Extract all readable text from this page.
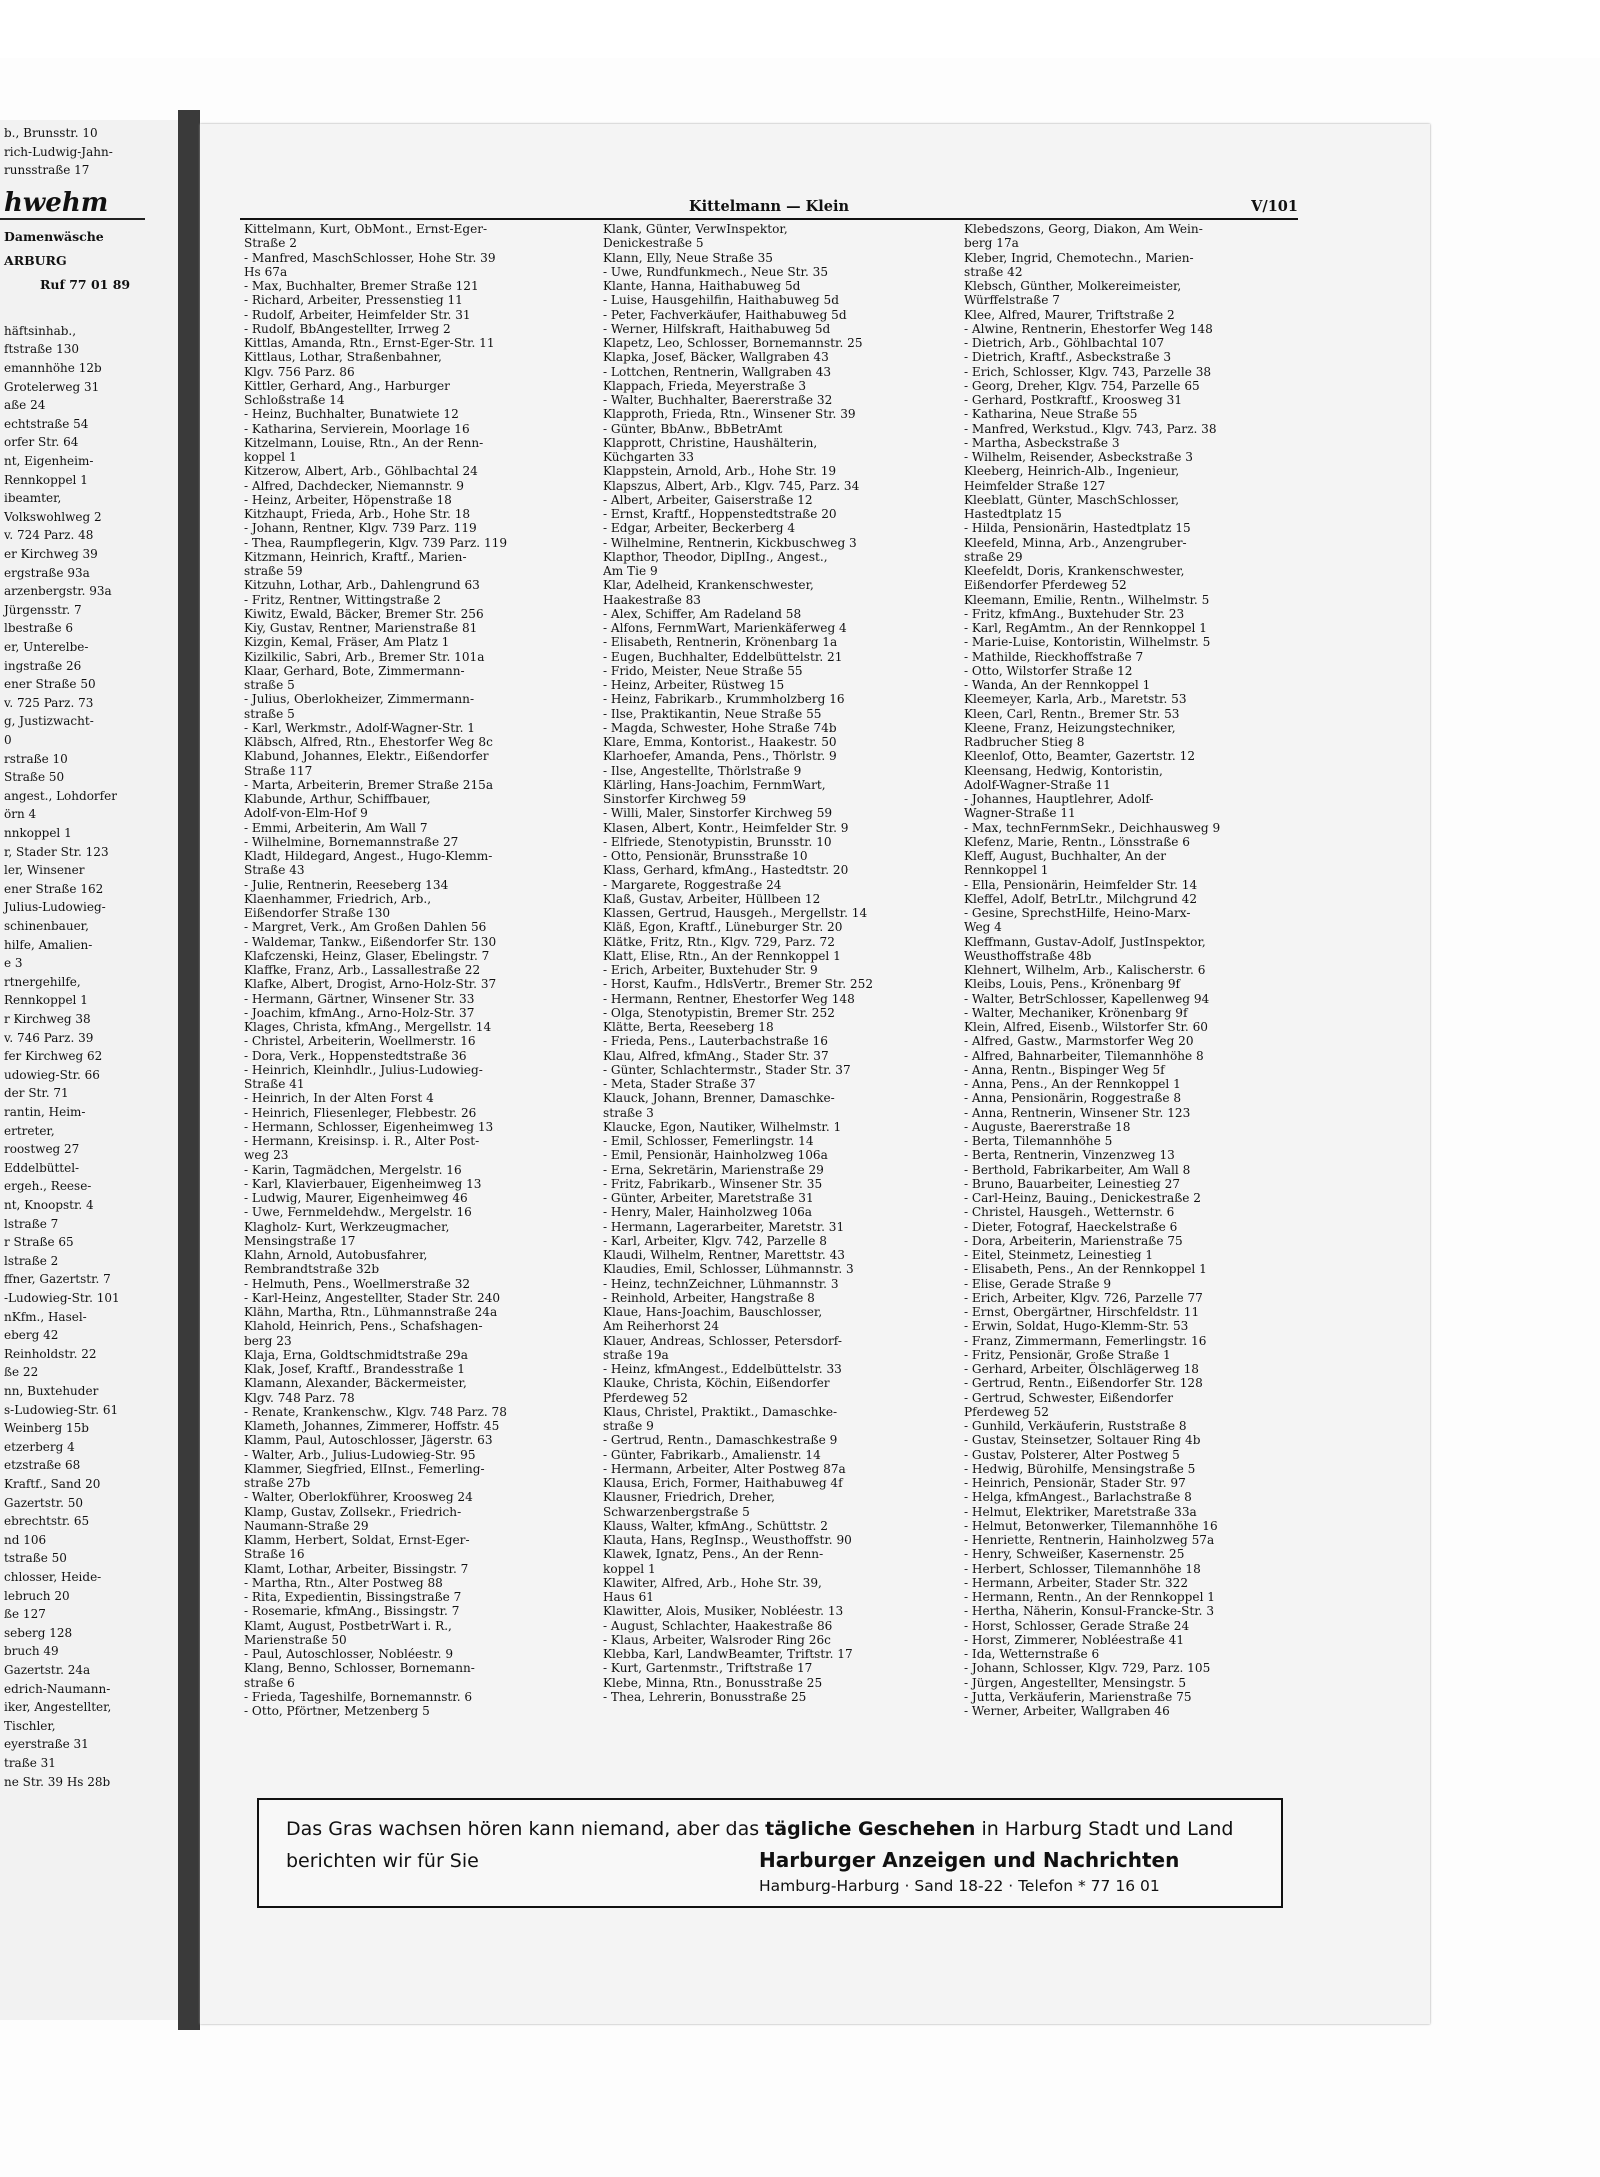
b., Brunsstr. 10
rich-Ludwig-Jahn-
runsstraße 17
hwehm
Damenwäsche
ARBURG
Ruf 77 01 89
häftsinhab.,
ftstraße 130
emannhöhe 12b
Grotelerweg 31
aße 24
echtstraße 54
orfer Str. 64
nt, Eigenheim-
Rennkoppel 1
ibeamter,
Volkswohlweg 2
v. 724 Parz. 48
er Kirchweg 39
ergstraße 93a
arzenbergstr. 93a
Jürgensstr. 7
lbestraße 6
er, Unterelbe-
ingstraße 26
ener Straße 50
v. 725 Parz. 73
g, Justizwacht-
0
rstraße 10
Straße 50
angest., Lohdorfer
örn 4
nnkoppel 1
r, Stader Str. 123
ler, Winsener
ener Straße 162
Julius-Ludowieg-
schinenbauer,
hilfe, Amalien-
e 3
rtnergehilfe,
Rennkoppel 1
r Kirchweg 38
v. 746 Parz. 39
fer Kirchweg 62
udowieg-Str. 66
der Str. 71
rantin, Heim-
ertreter,
roostweg 27
Eddelbüttel-
ergeh., Reese-
nt, Knoopstr. 4
lstraße 7
r Straße 65
lstraße 2
ffner, Gazertstr. 7
-Ludowieg-Str. 101
nKfm., Hasel-
eberg 42
Reinholdstr. 22
ße 22
nn, Buxtehuder
s-Ludowieg-Str. 61
Weinberg 15b
etzerberg 4
etzstraße 68
Kraftf., Sand 20
Gazertstr. 50
ebrechtstr. 65
nd 106
tstraße 50
chlosser, Heide-
lebruch 20
ße 127
seberg 128
bruch 49
Gazertstr. 24a
edrich-Naumann-
iker, Angestellter,
Tischler,
eyerstraße 31
traße 31
ne Str. 39 Hs 28b
Kittelmann — Klein	V/101
Kittelmann, Kurt, ObMont., Ernst-Eger-
Straße 2
- Manfred, MaschSchlosser, Hohe Str. 39
Hs 67a
- Max, Buchhalter, Bremer Straße 121
- Richard, Arbeiter, Pressenstieg 11
- Rudolf, Arbeiter, Heimfelder Str. 31
- Rudolf, BbAngestellter, Irrweg 2
Kittlas, Amanda, Rtn., Ernst-Eger-Str. 11
Kittlaus, Lothar, Straßenbahner,
Klgv. 756 Parz. 86
Kittler, Gerhard, Ang., Harburger
Schloßstraße 14
- Heinz, Buchhalter, Bunatwiete 12
- Katharina, Servierein, Moorlage 16
Kitzelmann, Louise, Rtn., An der Renn-
koppel 1
Kitzerow, Albert, Arb., Göhlbachtal 24
- Alfred, Dachdecker, Niemannstr. 9
- Heinz, Arbeiter, Höpenstraße 18
Kitzhaupt, Frieda, Arb., Hohe Str. 18
- Johann, Rentner, Klgv. 739 Parz. 119
- Thea, Raumpflegerin, Klgv. 739 Parz. 119
Kitzmann, Heinrich, Kraftf., Marien-
straße 59
Kitzuhn, Lothar, Arb., Dahlengrund 63
- Fritz, Rentner, Wittingstraße 2
Kiwitz, Ewald, Bäcker, Bremer Str. 256
Kiy, Gustav, Rentner, Marienstraße 81
Kizgin, Kemal, Fräser, Am Platz 1
Kizilkilic, Sabri, Arb., Bremer Str. 101a
Klaar, Gerhard, Bote, Zimmermann-
straße 5
- Julius, Oberlokheizer, Zimmermann-
straße 5
- Karl, Werkmstr., Adolf-Wagner-Str. 1
Kläbsch, Alfred, Rtn., Ehestorfer Weg 8c
Klabund, Johannes, Elektr., Eißendorfer
Straße 117
- Marta, Arbeiterin, Bremer Straße 215a
Klabunde, Arthur, Schiffbauer,
Adolf-von-Elm-Hof 9
- Emmi, Arbeiterin, Am Wall 7
- Wilhelmine, Bornemannstraße 27
Kladt, Hildegard, Angest., Hugo-Klemm-
Straße 43
- Julie, Rentnerin, Reeseberg 134
Klaenhammer, Friedrich, Arb.,
Eißendorfer Straße 130
- Margret, Verk., Am Großen Dahlen 56
- Waldemar, Tankw., Eißendorfer Str. 130
Klafczenski, Heinz, Glaser, Ebelingstr. 7
Klaffke, Franz, Arb., Lassallestraße 22
Klafke, Albert, Drogist, Arno-Holz-Str. 37
- Hermann, Gärtner, Winsener Str. 33
- Joachim, kfmAng., Arno-Holz-Str. 37
Klages, Christa, kfmAng., Mergellstr. 14
- Christel, Arbeiterin, Woellmerstr. 16
- Dora, Verk., Hoppenstedtstraße 36
- Heinrich, Kleinhdlr., Julius-Ludowieg-
Straße 41
- Heinrich, In der Alten Forst 4
- Heinrich, Fliesenleger, Flebbestr. 26
- Hermann, Schlosser, Eigenheimweg 13
- Hermann, Kreisinsp. i. R., Alter Post-
weg 23
- Karin, Tagmädchen, Mergelstr. 16
- Karl, Klavierbauer, Eigenheimweg 13
- Ludwig, Maurer, Eigenheimweg 46
- Uwe, Fernmeldehdw., Mergelstr. 16
Klagholz- Kurt, Werkzeugmacher,
Mensingstraße 17
Klahn, Arnold, Autobusfahrer,
Rembrandtstraße 32b
- Helmuth, Pens., Woellmerstraße 32
- Karl-Heinz, Angestellter, Stader Str. 240
Klähn, Martha, Rtn., Lühmannstraße 24a
Klahold, Heinrich, Pens., Schafshagen-
berg 23
Klaja, Erna, Goldtschmidtstraße 29a
Klak, Josef, Kraftf., Brandesstraße 1
Klamann, Alexander, Bäckermeister,
Klgv. 748 Parz. 78
- Renate, Krankenschw., Klgv. 748 Parz. 78
Klameth, Johannes, Zimmerer, Hoffstr. 45
Klamm, Paul, Autoschlosser, Jägerstr. 63
- Walter, Arb., Julius-Ludowieg-Str. 95
Klammer, Siegfried, ElInst., Femerling-
straße 27b
- Walter, Oberlokführer, Kroosweg 24
Klamp, Gustav, Zollsekr., Friedrich-
Naumann-Straße 29
Klamm, Herbert, Soldat, Ernst-Eger-
Straße 16
Klamt, Lothar, Arbeiter, Bissingstr. 7
- Martha, Rtn., Alter Postweg 88
- Rita, Expedientin, Bissingstraße 7
- Rosemarie, kfmAng., Bissingstr. 7
Klamt, August, PostbetrWart i. R.,
Marienstraße 50
- Paul, Autoschlosser, Nobléestr. 9
Klang, Benno, Schlosser, Bornemann-
straße 6
- Frieda, Tageshilfe, Bornemannstr. 6
- Otto, Pförtner, Metzenberg 5
Klank, Günter, VerwInspektor,
Denickestraße 5
Klann, Elly, Neue Straße 35
- Uwe, Rundfunkmech., Neue Str. 35
Klante, Hanna, Haithabuweg 5d
- Luise, Hausgehilfin, Haithabuweg 5d
- Peter, Fachverkäufer, Haithabuweg 5d
- Werner, Hilfskraft, Haithabuweg 5d
Klapetz, Leo, Schlosser, Bornemannstr. 25
Klapka, Josef, Bäcker, Wallgraben 43
- Lottchen, Rentnerin, Wallgraben 43
Klappach, Frieda, Meyerstraße 3
- Walter, Buchhalter, Baererstraße 32
Klapproth, Frieda, Rtn., Winsener Str. 39
- Günter, BbAnw., BbBetrAmt
Klapprott, Christine, Haushälterin,
Küchgarten 33
Klappstein, Arnold, Arb., Hohe Str. 19
Klapszus, Albert, Arb., Klgv. 745, Parz. 34
- Albert, Arbeiter, Gaiserstraße 12
- Ernst, Kraftf., Hoppenstedtstraße 20
- Edgar, Arbeiter, Beckerberg 4
- Wilhelmine, Rentnerin, Kickbuschweg 3
Klapthor, Theodor, DiplIng., Angest.,
Am Tie 9
Klar, Adelheid, Krankenschwester,
Haakestraße 83
- Alex, Schiffer, Am Radeland 58
- Alfons, FernmWart, Marienkäferweg 4
- Elisabeth, Rentnerin, Krönenbarg 1a
- Eugen, Buchhalter, Eddelbüttelstr. 21
- Frido, Meister, Neue Straße 55
- Heinz, Arbeiter, Rüstweg 15
- Heinz, Fabrikarb., Krummholzberg 16
- Ilse, Praktikantin, Neue Straße 55
- Magda, Schwester, Hohe Straße 74b
Klare, Emma, Kontorist., Haakestr. 50
Klarhoefer, Amanda, Pens., Thörlstr. 9
- Ilse, Angestellte, Thörlstraße 9
Klärling, Hans-Joachim, FernmWart,
Sinstorfer Kirchweg 59
- Willi, Maler, Sinstorfer Kirchweg 59
Klasen, Albert, Kontr., Heimfelder Str. 9
- Elfriede, Stenotypistin, Brunsstr. 10
- Otto, Pensionär, Brunsstraße 10
Klass, Gerhard, kfmAng., Hastedtstr. 20
- Margarete, Roggestraße 24
Klaß, Gustav, Arbeiter, Hüllbeen 12
Klassen, Gertrud, Hausgeh., Mergellstr. 14
Kläß, Egon, Kraftf., Lüneburger Str. 20
Klätke, Fritz, Rtn., Klgv. 729, Parz. 72
Klatt, Elise, Rtn., An der Rennkoppel 1
- Erich, Arbeiter, Buxtehuder Str. 9
- Horst, Kaufm., HdlsVertr., Bremer Str. 252
- Hermann, Rentner, Ehestorfer Weg 148
- Olga, Stenotypistin, Bremer Str. 252
Klätte, Berta, Reeseberg 18
- Frieda, Pens., Lauterbachstraße 16
Klau, Alfred, kfmAng., Stader Str. 37
- Günter, Schlachtermstr., Stader Str. 37
- Meta, Stader Straße 37
Klauck, Johann, Brenner, Damaschke-
straße 3
Klaucke, Egon, Nautiker, Wilhelmstr. 1
- Emil, Schlosser, Femerlingstr. 14
- Emil, Pensionär, Hainholzweg 106a
- Erna, Sekretärin, Marienstraße 29
- Fritz, Fabrikarb., Winsener Str. 35
- Günter, Arbeiter, Maretstraße 31
- Henry, Maler, Hainholzweg 106a
- Hermann, Lagerarbeiter, Maretstr. 31
- Karl, Arbeiter, Klgv. 742, Parzelle 8
Klaudi, Wilhelm, Rentner, Marettstr. 43
Klaudies, Emil, Schlosser, Lühmannstr. 3
- Heinz, technZeichner, Lühmannstr. 3
- Reinhold, Arbeiter, Hangstraße 8
Klaue, Hans-Joachim, Bauschlosser,
Am Reiherhorst 24
Klauer, Andreas, Schlosser, Petersdorf-
straße 19a
- Heinz, kfmAngest., Eddelbüttelstr. 33
Klauke, Christa, Köchin, Eißendorfer
Pferdeweg 52
Klaus, Christel, Praktikt., Damaschke-
straße 9
- Gertrud, Rentn., Damaschkestraße 9
- Günter, Fabrikarb., Amalienstr. 14
- Hermann, Arbeiter, Alter Postweg 87a
Klausa, Erich, Former, Haithabuweg 4f
Klausner, Friedrich, Dreher,
Schwarzenbergstraße 5
Klauss, Walter, kfmAng., Schüttstr. 2
Klauta, Hans, RegInsp., Weusthoffstr. 90
Klawek, Ignatz, Pens., An der Renn-
koppel 1
Klawiter, Alfred, Arb., Hohe Str. 39,
Haus 61
Klawitter, Alois, Musiker, Nobléestr. 13
- August, Schlachter, Haakestraße 86
- Klaus, Arbeiter, Walsroder Ring 26c
Klebba, Karl, LandwBeamter, Triftstr. 17
- Kurt, Gartenmstr., Triftstraße 17
Klebe, Minna, Rtn., Bonusstraße 25
- Thea, Lehrerin, Bonusstraße 25
Klebedszons, Georg, Diakon, Am Wein-
berg 17a
Kleber, Ingrid, Chemotechn., Marien-
straße 42
Klebsch, Günther, Molkereimeister,
Würffelstraße 7
Klee, Alfred, Maurer, Triftstraße 2
- Alwine, Rentnerin, Ehestorfer Weg 148
- Dietrich, Arb., Göhlbachtal 107
- Dietrich, Kraftf., Asbeckstraße 3
- Erich, Schlosser, Klgv. 743, Parzelle 38
- Georg, Dreher, Klgv. 754, Parzelle 65
- Gerhard, Postkraftf., Kroosweg 31
- Katharina, Neue Straße 55
- Manfred, Werkstud., Klgv. 743, Parz. 38
- Martha, Asbeckstraße 3
- Wilhelm, Reisender, Asbeckstraße 3
Kleeberg, Heinrich-Alb., Ingenieur,
Heimfelder Straße 127
Kleeblatt, Günter, MaschSchlosser,
Hastedtplatz 15
- Hilda, Pensionärin, Hastedtplatz 15
Kleefeld, Minna, Arb., Anzengruber-
straße 29
Kleefeldt, Doris, Krankenschwester,
Eißendorfer Pferdeweg 52
Kleemann, Emilie, Rentn., Wilhelmstr. 5
- Fritz, kfmAng., Buxtehuder Str. 23
- Karl, RegAmtm., An der Rennkoppel 1
- Marie-Luise, Kontoristin, Wilhelmstr. 5
- Mathilde, Rieckhoffstraße 7
- Otto, Wilstorfer Straße 12
- Wanda, An der Rennkoppel 1
Kleemeyer, Karla, Arb., Maretstr. 53
Kleen, Carl, Rentn., Bremer Str. 53
Kleene, Franz, Heizungstechniker,
Radbrucher Stieg 8
Kleenlof, Otto, Beamter, Gazertstr. 12
Kleensang, Hedwig, Kontoristin,
Adolf-Wagner-Straße 11
- Johannes, Hauptlehrer, Adolf-
Wagner-Straße 11
- Max, technFernmSekr., Deichhausweg 9
Klefenz, Marie, Rentn., Lönsstraße 6
Kleff, August, Buchhalter, An der
Rennkoppel 1
- Ella, Pensionärin, Heimfelder Str. 14
Kleffel, Adolf, BetrLtr., Milchgrund 42
- Gesine, SprechstHilfe, Heino-Marx-
Weg 4
Kleffmann, Gustav-Adolf, JustInspektor,
Weusthoffstraße 48b
Klehnert, Wilhelm, Arb., Kalischerstr. 6
Kleibs, Louis, Pens., Krönenbarg 9f
- Walter, BetrSchlosser, Kapellenweg 94
- Walter, Mechaniker, Krönenbarg 9f
Klein, Alfred, Eisenb., Wilstorfer Str. 60
- Alfred, Gastw., Marmstorfer Weg 20
- Alfred, Bahnarbeiter, Tilemannhöhe 8
- Anna, Rentn., Bispinger Weg 5f
- Anna, Pens., An der Rennkoppel 1
- Anna, Pensionärin, Roggestraße 8
- Anna, Rentnerin, Winsener Str. 123
- Auguste, Baererstraße 18
- Berta, Tilemannhöhe 5
- Berta, Rentnerin, Vinzenzweg 13
- Berthold, Fabrikarbeiter, Am Wall 8
- Bruno, Bauarbeiter, Leinestieg 27
- Carl-Heinz, Bauing., Denickestraße 2
- Christel, Hausgeh., Wetternstr. 6
- Dieter, Fotograf, Haeckelstraße 6
- Dora, Arbeiterin, Marienstraße 75
- Eitel, Steinmetz, Leinestieg 1
- Elisabeth, Pens., An der Rennkoppel 1
- Elise, Gerade Straße 9
- Erich, Arbeiter, Klgv. 726, Parzelle 77
- Ernst, Obergärtner, Hirschfeldstr. 11
- Erwin, Soldat, Hugo-Klemm-Str. 53
- Franz, Zimmermann, Femerlingstr. 16
- Fritz, Pensionär, Große Straße 1
- Gerhard, Arbeiter, Ölschlägerweg 18
- Gertrud, Rentn., Eißendorfer Str. 128
- Gertrud, Schwester, Eißendorfer
Pferdeweg 52
- Gunhild, Verkäuferin, Ruststraße 8
- Gustav, Steinsetzer, Soltauer Ring 4b
- Gustav, Polsterer, Alter Postweg 5
- Hedwig, Bürohilfe, Mensingstraße 5
- Heinrich, Pensionär, Stader Str. 97
- Helga, kfmAngest., Barlachstraße 8
- Helmut, Elektriker, Maretstraße 33a
- Helmut, Betonwerker, Tilemannhöhe 16
- Henriette, Rentnerin, Hainholzweg 57a
- Henry, Schweißer, Kasernenstr. 25
- Herbert, Schlosser, Tilemannhöhe 18
- Hermann, Arbeiter, Stader Str. 322
- Hermann, Rentn., An der Rennkoppel 1
- Hertha, Näherin, Konsul-Francke-Str. 3
- Horst, Schlosser, Gerade Straße 24
- Horst, Zimmerer, Nobléestraße 41
- Ida, Wetternstraße 6
- Johann, Schlosser, Klgv. 729, Parz. 105
- Jürgen, Angestellter, Mensingstr. 5
- Jutta, Verkäuferin, Marienstraße 75
- Werner, Arbeiter, Wallgraben 46
Das Gras wachsen hören kann niemand, aber das tägliche Geschehen in Harburg Stadt und Land
berichten wir für Sie	Harburger Anzeigen und Nachrichten
Hamburg-Harburg · Sand 18-22 · Telefon * 77 16 01
